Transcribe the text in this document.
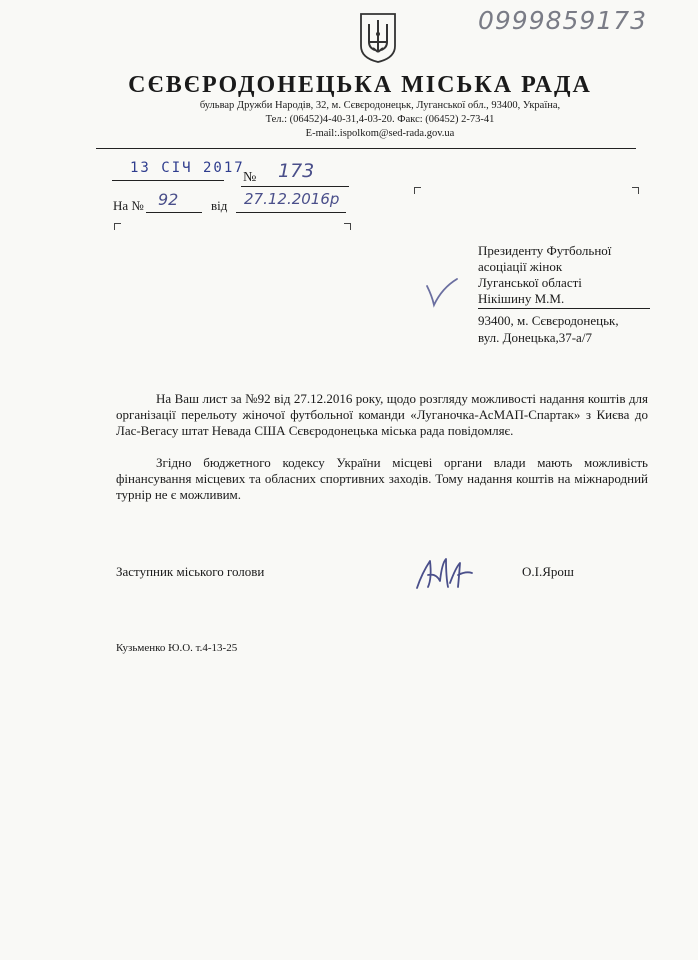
0999859173
СЄВЄРОДОНЕЦЬКА МІСЬКА РАДА
бульвар Дружби Народів, 32, м. Сєвєродонецьк, Луганської обл., 93400, Україна,
Тел.: (06452)4-40-31,4-03-20. Факс: (06452) 2-73-41
E-mail:.ispolkom@sed-rada.gov.ua
13 СІЧ 2017
№ 173
На № 92	від 27.12.2016р
Президенту Футбольної
асоціації жінок
Луганської області
Нікішину М.М.
93400, м. Сєвєродонецьк,
вул. Донецька,37-а/7
На Ваш лист за №92 від 27.12.2016 року, щодо розгляду можливості надання коштів для організації перельоту жіночої футбольної команди «Луганочка-АсМАП-Спартак» з Києва до Лас-Вегасу штат Невада США Сєвєродонецька міська рада повідомляє.
Згідно бюджетного кодексу України місцеві органи влади мають можливість фінансування місцевих та обласних спортивних заходів. Тому надання коштів на міжнародний турнір не є можливим.
Заступник міського голови	О.І.Ярош
Кузьменко Ю.О. т.4-13-25
